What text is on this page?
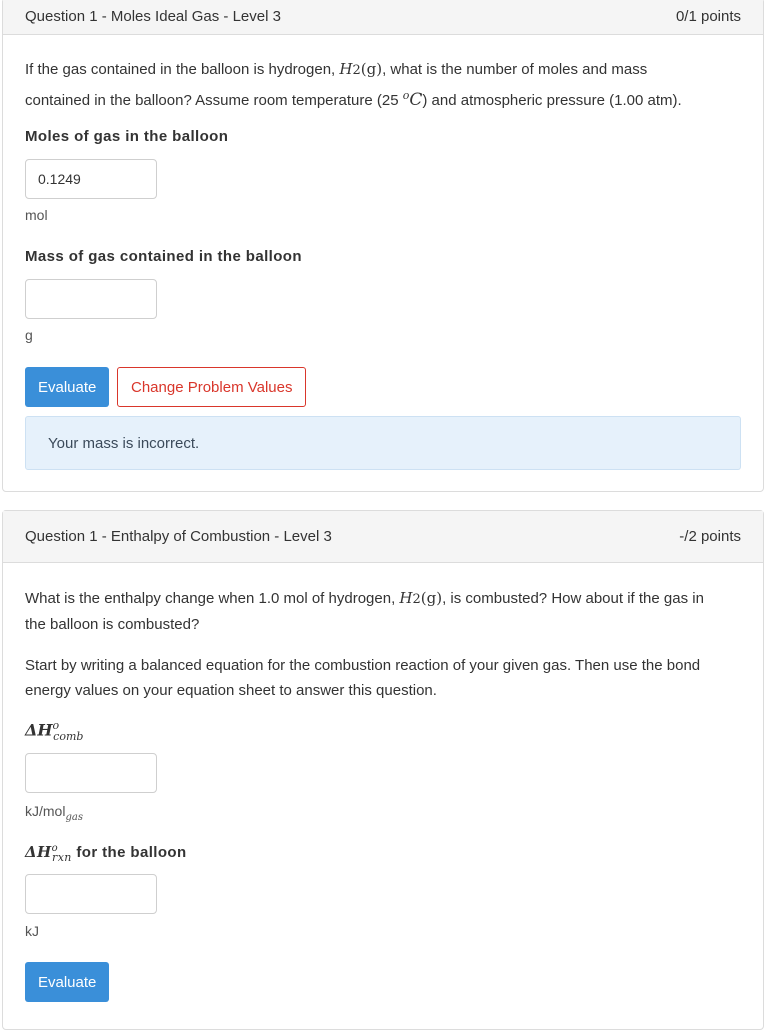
Question 1 - Moles Ideal Gas - Level 3	0/1 points
If the gas contained in the balloon is hydrogen, H2(g), what is the number of moles and mass
contained in the balloon? Assume room temperature (25 $^o$C) and atmospheric pressure (1.00 atm).
Moles of gas in the balloon
0.1249
mol
Mass of gas contained in the balloon
g
Evaluate	Change Problem Values
Your mass is incorrect.
Question 1 - Enthalpy of Combustion - Level 3	-/2 points
What is the enthalpy change when 1.0 mol of hydrogen, H2(g), is combusted? How about if the gas in
the balloon is combusted?
Start by writing a balanced equation for the combustion reaction of your given gas. Then use the bond
energy values on your equation sheet to answer this question.
$\Delta H^o_{comb}$
kJ/mol$_{gas}$
$\Delta H^o_{rxn}$ for the balloon
kJ
Evaluate
